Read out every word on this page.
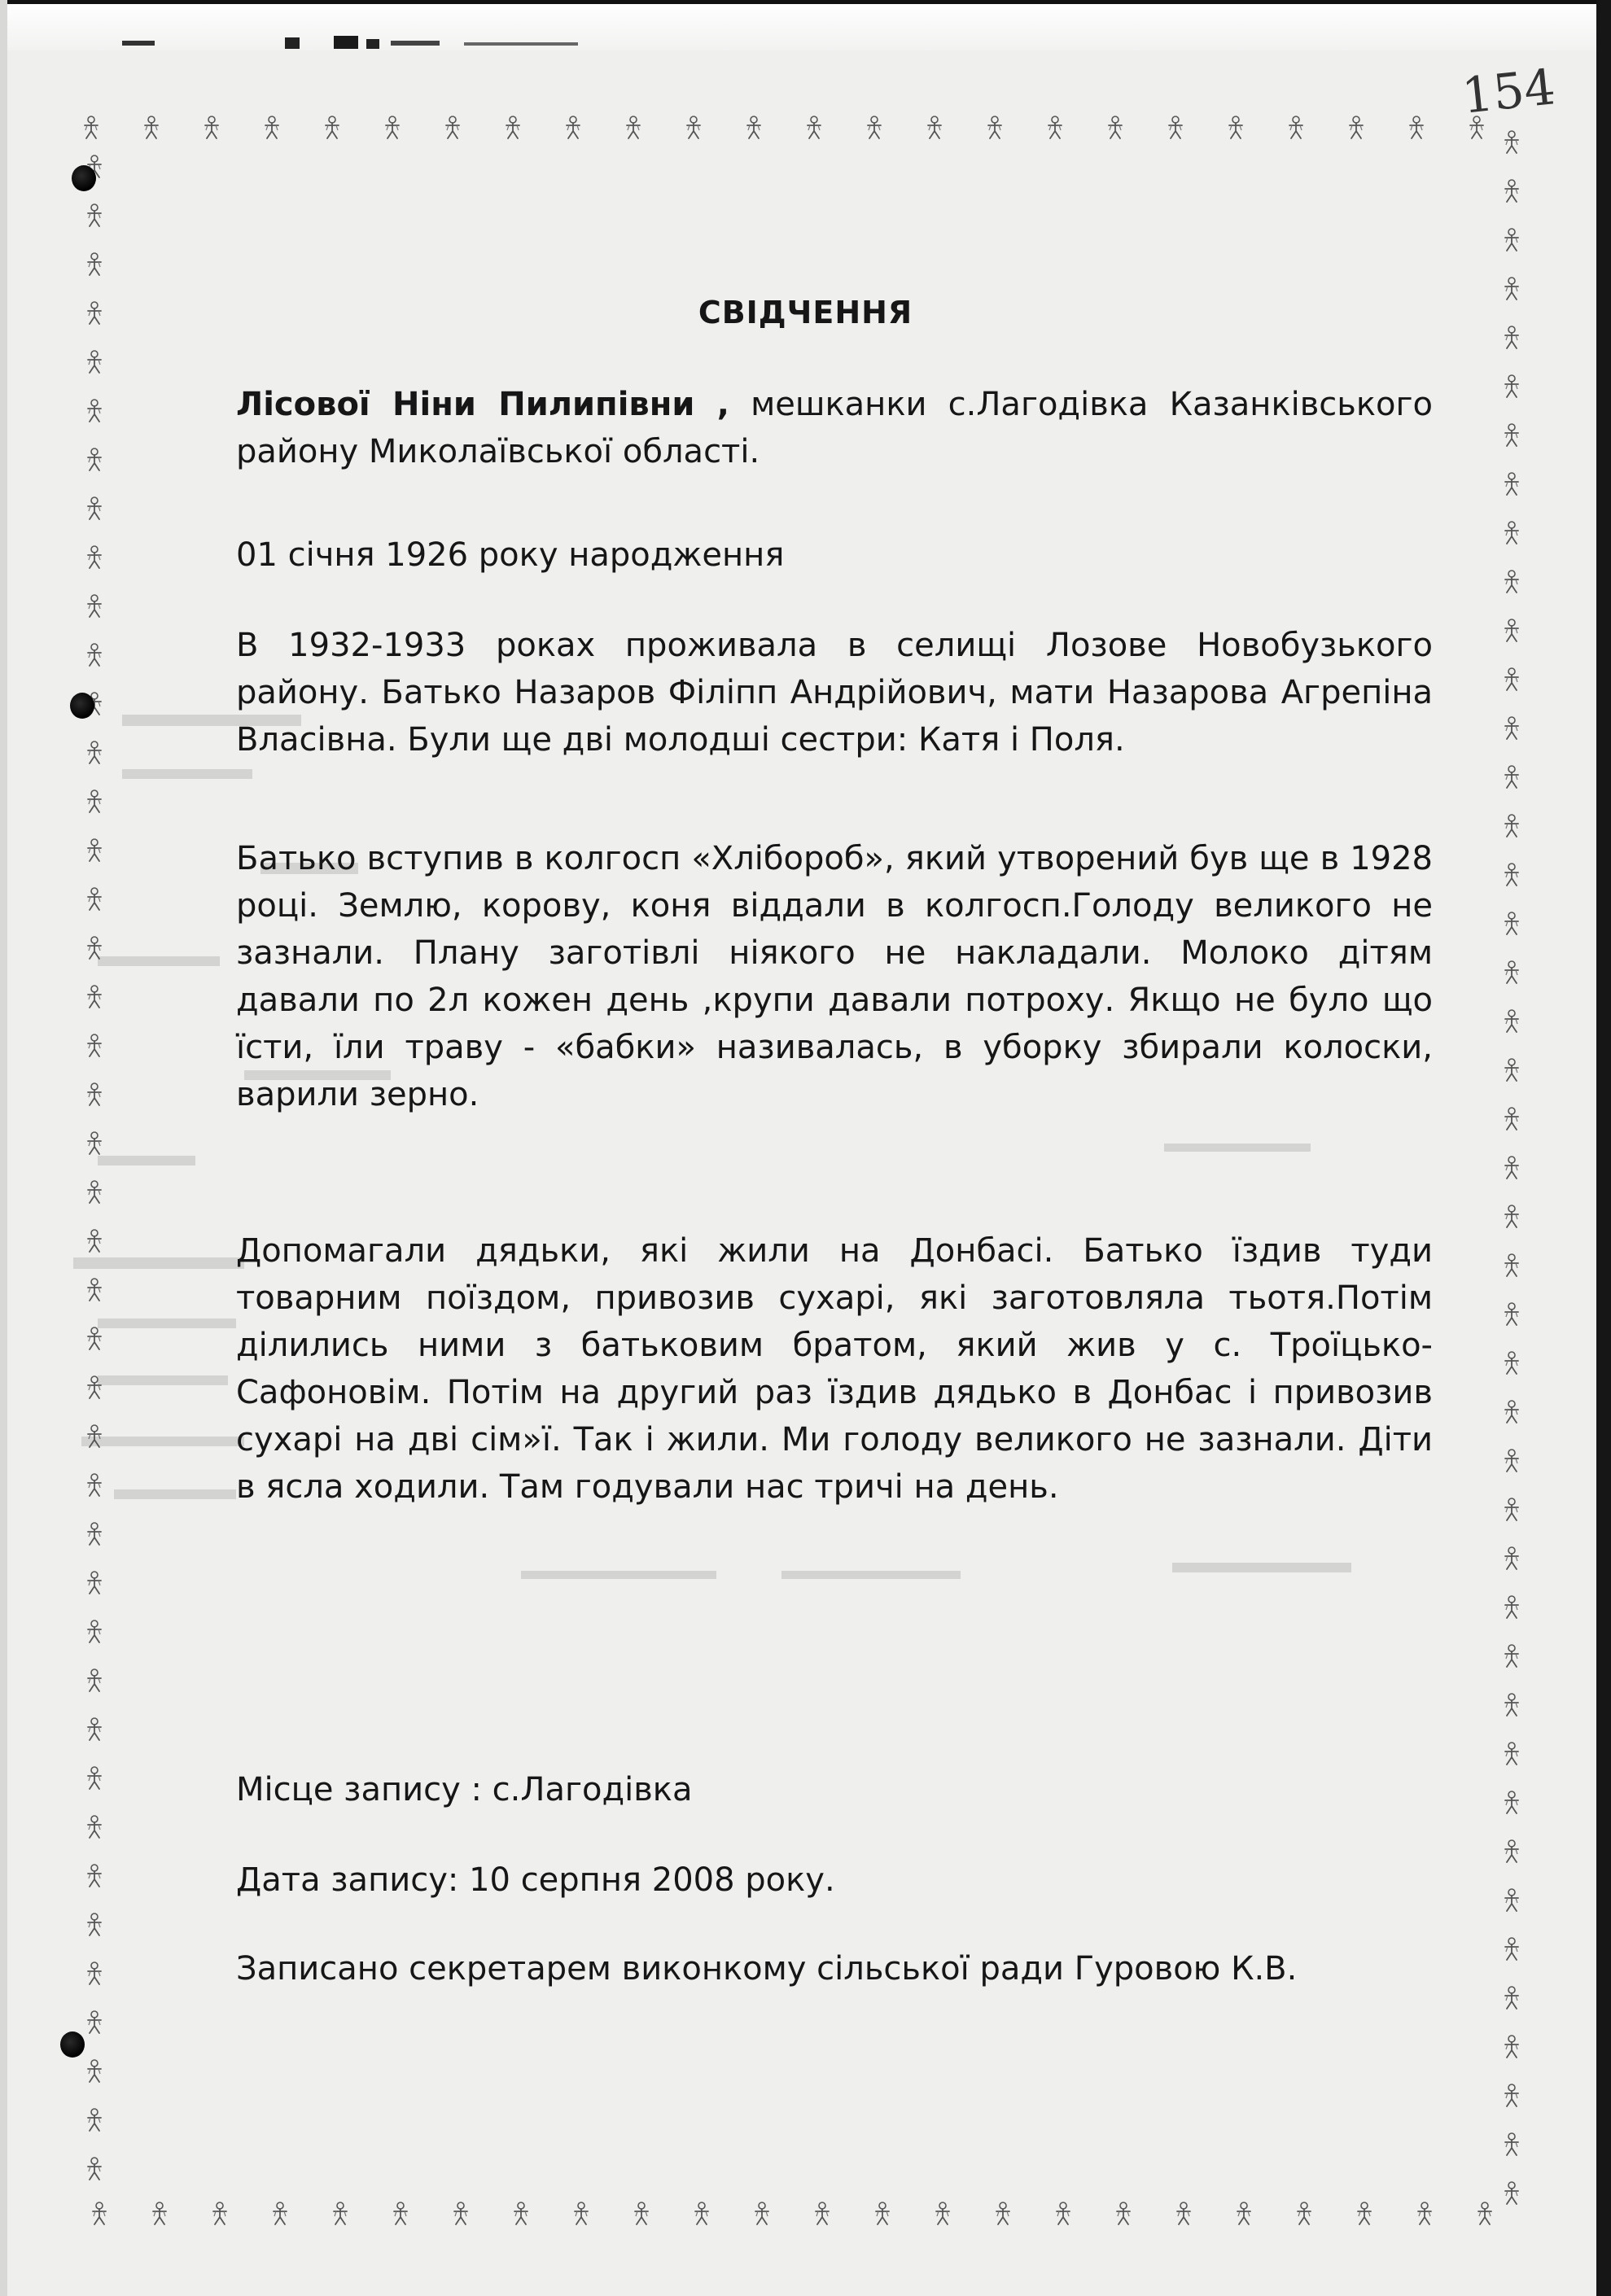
154
СВІДЧЕННЯ

Лісової Ніни Пилипівни , мешканки с.Лагодівка Казанківського району Миколаївської області.

01 січня 1926 року народження

В 1932-1933 роках проживала в селищі Лозове Новобузького району. Батько Назаров Філіпп Андрійович, мати Назарова Агрепіна Власівна. Були ще дві молодші сестри: Катя і Поля.

Батько вступив в колгосп «Хлібороб», який утворений був ще в 1928 році. Землю, корову, коня віддали в колгосп.Голоду великого не зазнали. Плану заготівлі ніякого не накладали. Молоко дітям давали по 2л кожен день ,крупи давали потроху. Якщо не було що їсти, їли траву - «бабки» називалась, в уборку збирали колоски, варили зерно.

Допомагали дядьки, які жили на Донбасі. Батько їздив туди товарним поїздом, привозив сухарі, які заготовляла тьотя.Потім ділились ними з батьковим братом, який жив у с. Троїцько-Сафоновім. Потім на другий раз їздив дядько в Донбас і привозив сухарі на дві сім»ї. Так і жили. Ми голоду великого не зазнали. Діти в ясла ходили. Там годували нас тричі на день.

Місце запису : с.Лагодівка

Дата запису: 10 серпня 2008 року.

Записано секретарем виконкому сільської ради Гуровою К.В.
